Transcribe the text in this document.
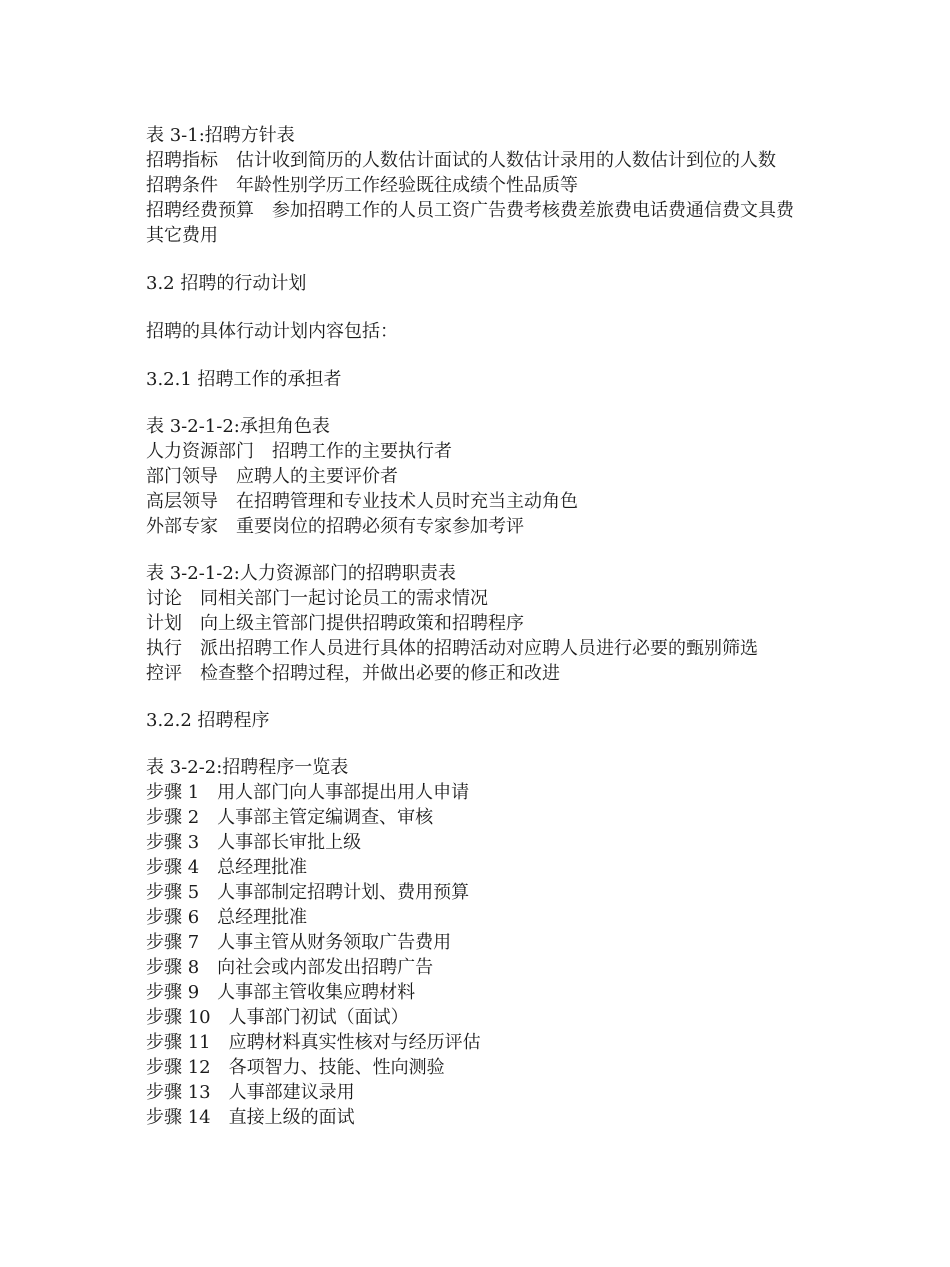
表 3-1:招聘方针表
招聘指标　估计收到简历的人数估计面试的人数估计录用的人数估计到位的人数
招聘条件　年龄性别学历工作经验既往成绩个性品质等
招聘经费预算　参加招聘工作的人员工资广告费考核费差旅费电话费通信费文具费其它费用
3.2 招聘的行动计划
招聘的具体行动计划内容包括：
3.2.1 招聘工作的承担者
表 3-2-1-2:承担角色表
人力资源部门　招聘工作的主要执行者
部门领导　应聘人的主要评价者
高层领导　在招聘管理和专业技术人员时充当主动角色
外部专家　重要岗位的招聘必须有专家参加考评
表 3-2-1-2:人力资源部门的招聘职责表
讨论　同相关部门一起讨论员工的需求情况
计划　向上级主管部门提供招聘政策和招聘程序
执行　派出招聘工作人员进行具体的招聘活动对应聘人员进行必要的甄别筛选
控评　检查整个招聘过程，并做出必要的修正和改进
3.2.2 招聘程序
表 3-2-2:招聘程序一览表
步骤 1　用人部门向人事部提出用人申请
步骤 2　人事部主管定编调查、审核
步骤 3　人事部长审批上级
步骤 4　总经理批准
步骤 5　人事部制定招聘计划、费用预算
步骤 6　总经理批准
步骤 7　人事主管从财务领取广告费用
步骤 8　向社会或内部发出招聘广告
步骤 9　人事部主管收集应聘材料
步骤 10　人事部门初试（面试）
步骤 11　应聘材料真实性核对与经历评估
步骤 12　各项智力、技能、性向测验
步骤 13　人事部建议录用
步骤 14　直接上级的面试
